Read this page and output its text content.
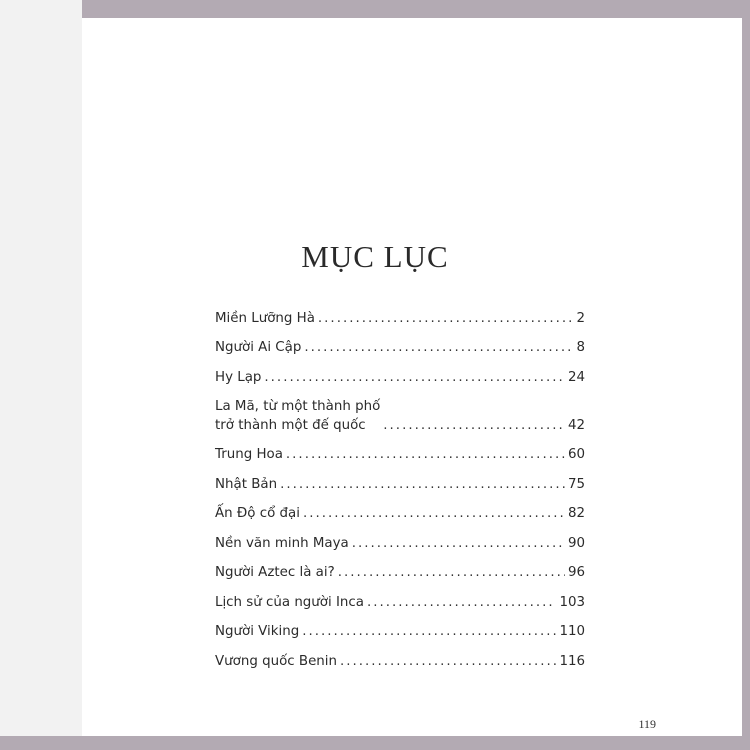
MỤC LỤC
Miền Lưỡng Hà .....	2
Người Ai Cập .....	8
Hy Lạp .....	24
La Mã, từ một thành phố
trở thành một đế quốc .....	42
Trung Hoa .....	60
Nhật Bản .....	75
Ấn Độ cổ đại .....	82
Nền văn minh Maya .....	90
Người Aztec là ai? .....	96
Lịch sử của người Inca .....	103
Người Viking .....	110
Vương quốc Benin .....	116
119
